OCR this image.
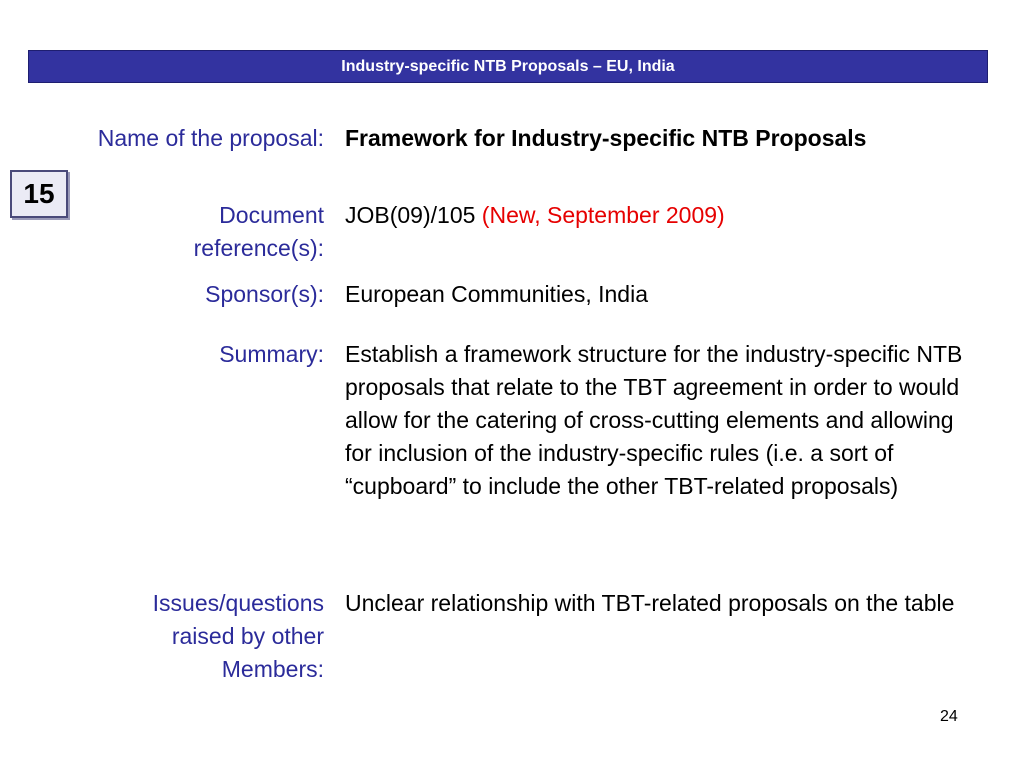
Industry-specific NTB Proposals – EU, India
15
Name of the proposal: Framework for Industry-specific NTB Proposals
Document reference(s):
JOB(09)/105 (New, September 2009)
Sponsor(s): European Communities, India
Summary: Establish a framework structure for the industry-specific NTB proposals that relate to the TBT agreement in order to would allow for the catering of cross-cutting elements and allowing for inclusion of the industry-specific rules (i.e. a sort of “cupboard” to include the other TBT-related proposals)
Issues/questions raised by other Members:
Unclear relationship with TBT-related proposals on the table
24
